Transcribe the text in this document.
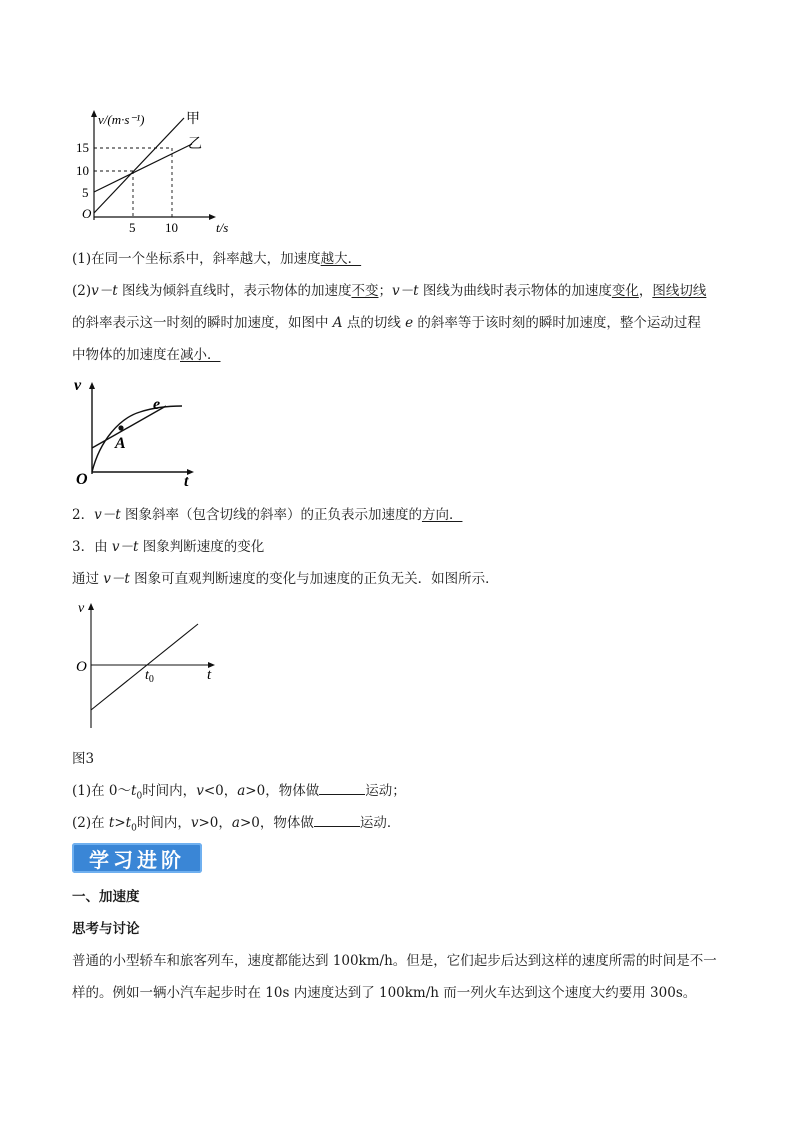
v/(m·s⁻¹)	甲
乙
15
10
5
O
5 10	t/s
(1)在同一个坐标系中，斜率越大，加速度越大．
(2)v－t 图线为倾斜直线时，表示物体的加速度不变；v－t 图线为曲线时表示物体的加速度变化，图线切线
的斜率表示这一时刻的瞬时加速度，如图中 A 点的切线 e 的斜率等于该时刻的瞬时加速度，整个运动过程
中物体的加速度在减小．
v
e
A
O	t
2．v－t 图象斜率（包含切线的斜率）的正负表示加速度的方向．
3．由 v－t 图象判断速度的变化
通过 v－t 图象可直观判断速度的变化与加速度的正负无关．如图所示．
v
O
$t_0$	t
图3
(1)在 $0\sim t_0$时间内，v<0，a>0，物体做	运动；
(2)在 $t>t_0$时间内，v>0，a>0，物体做	运动．
学习进阶
一、加速度
思考与讨论
普通的小型轿车和旅客列车，速度都能达到 100km/h。但是，它们起步后达到这样的速度所需的时间是不一
样的。例如一辆小汽车起步时在 10s 内速度达到了 100km/h 而一列火车达到这个速度大约要用 300s。
